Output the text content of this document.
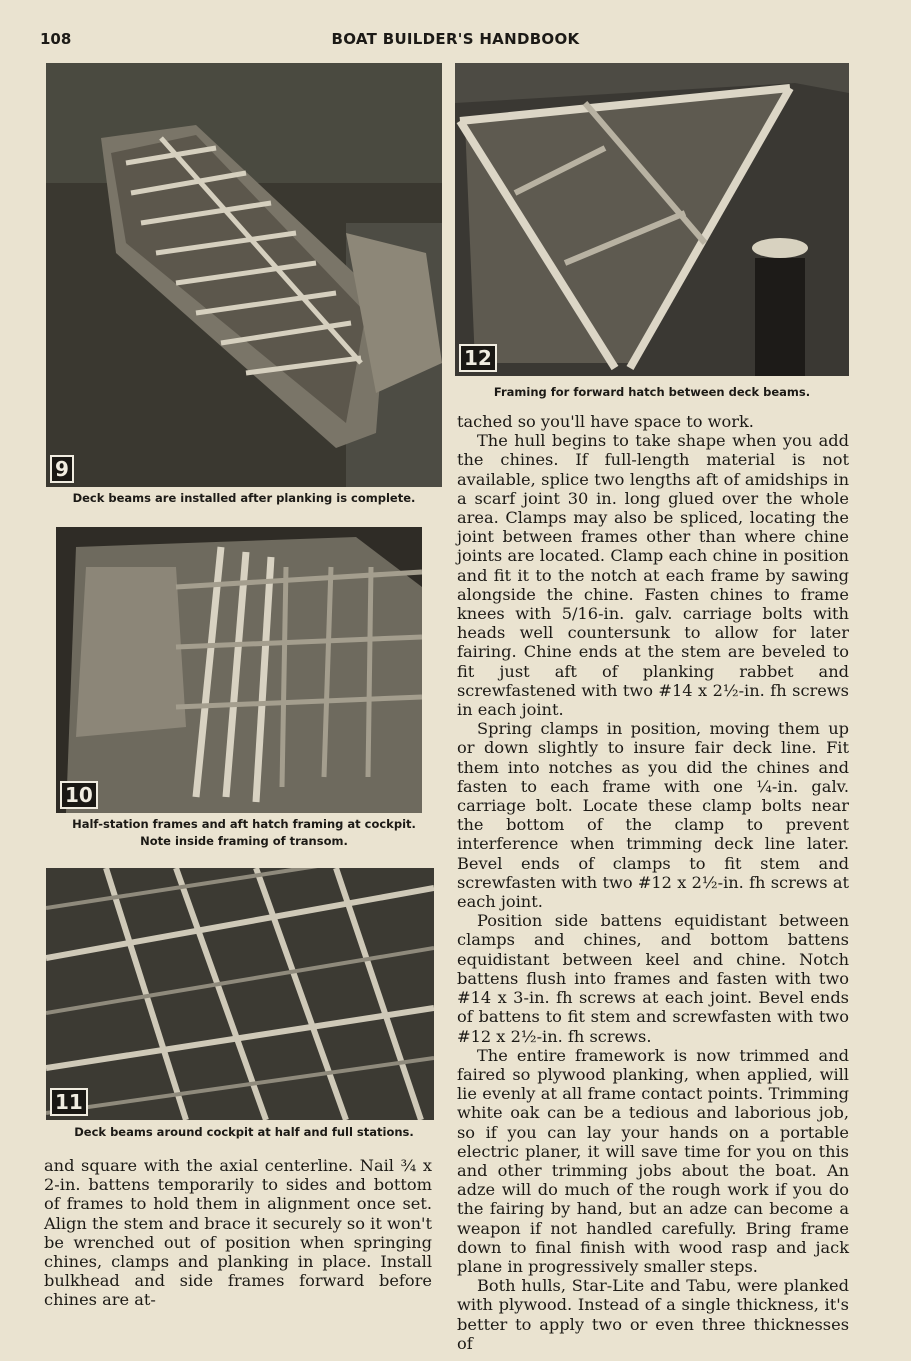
108	BOAT BUILDER'S HANDBOOK
9
Deck beams are installed after planking is complete.
10
Half-station frames and aft hatch framing at cockpit.
Note inside framing of transom.
11
Deck beams around cockpit at half and full stations.
12
Framing for forward hatch between deck beams.

and square with the axial centerline. Nail ¾ x 2-in. battens temporarily to sides and bottom of frames to hold them in alignment once set. Align the stem and brace it securely so it won't be wrenched out of position when springing chines, clamps and planking in place. Install bulkhead and side frames forward before chines are at-

tached so you'll have space to work.

The hull begins to take shape when you add the chines. If full-length material is not available, splice two lengths aft of amidships in a scarf joint 30 in. long glued over the whole area. Clamps may also be spliced, locating the joint between frames other than where chine joints are located. Clamp each chine in position and fit it to the notch at each frame by sawing alongside the chine. Fasten chines to frame knees with 5/16-in. galv. carriage bolts with heads well countersunk to allow for later fairing. Chine ends at the stem are beveled to fit just aft of planking rabbet and screwfastened with two #14 x 2½-in. fh screws in each joint.

Spring clamps in position, moving them up or down slightly to insure fair deck line. Fit them into notches as you did the chines and fasten to each frame with one ¼-in. galv. carriage bolt. Locate these clamp bolts near the bottom of the clamp to prevent interference when trimming deck line later. Bevel ends of clamps to fit stem and screwfasten with two #12 x 2½-in. fh screws at each joint.

Position side battens equidistant between clamps and chines, and bottom battens equidistant between keel and chine. Notch battens flush into frames and fasten with two #14 x 3-in. fh screws at each joint. Bevel ends of battens to fit stem and screwfasten with two #12 x 2½-in. fh screws.

The entire framework is now trimmed and faired so plywood planking, when applied, will lie evenly at all frame contact points. Trimming white oak can be a tedious and laborious job, so if you can lay your hands on a portable electric planer, it will save time for you on this and other trimming jobs about the boat. An adze will do much of the rough work if you do the fairing by hand, but an adze can become a weapon if not handled carefully. Bring frame down to final finish with wood rasp and jack plane in progressively smaller steps.

Both hulls, Star-Lite and Tabu, were planked with plywood. Instead of a single thickness, it's better to apply two or even three thicknesses of
